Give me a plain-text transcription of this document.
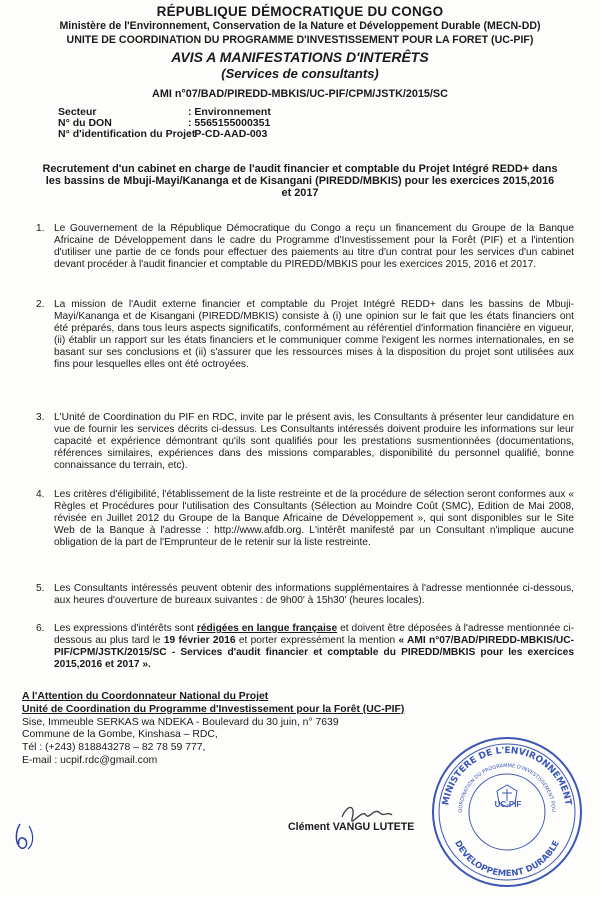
RÉPUBLIQUE DÉMOCRATIQUE DU CONGO
Ministère de l'Environnement, Conservation de la Nature et Développement Durable (MECN-DD)
UNITE DE COORDINATION DU PROGRAMME D'INVESTISSEMENT POUR LA FORET (UC-PIF)
AVIS A MANIFESTATIONS D'INTERÊTS
(Services de consultants)
AMI n°07/BAD/PIREDD-MBKIS/UC-PIF/CPM/JSTK/2015/SC
Secteur	: Environnement
N° du DON	: 5565155000351
N° d'identification du Projet
: P-CD-AAD-003
Recrutement d'un cabinet en charge de l'audit financier et comptable du Projet Intégré REDD+ dans les bassins de Mbuji-Mayi/Kananga et de Kisangani (PIREDD/MBKIS) pour les exercices 2015,2016 et 2017
1. Le Gouvernement de la République Démocratique du Congo a reçu un financement du Groupe de la Banque Africaine de Développement dans le cadre du Programme d'Investissement pour la Forêt (PIF) et a l'intention d'utiliser une partie de ce fonds pour effectuer des paiements au titre d'un contrat pour les services d'un cabinet devant procéder à l'audit financier et comptable du PIREDD/MBKIS pour les exercices 2015, 2016 et 2017.
2. La mission de l'Audit externe financier et comptable du Projet Intégré REDD+ dans les bassins de Mbuji-Mayi/Kananga et de Kisangani (PIREDD/MBKIS) consiste à (i) une opinion sur le fait que les états financiers ont été préparés, dans tous leurs aspects significatifs, conformément au référentiel d'information financière en vigueur, (ii) établir un rapport sur les états financiers et le communiquer comme l'exigent les normes internationales, en se basant sur ses conclusions et (ii) s'assurer que les ressources mises à la disposition du projet sont utilisées aux fins pour lesquelles elles ont été octroyées.
3. L'Unité de Coordination du PIF en RDC, invite par le présent avis, les Consultants à présenter leur candidature en vue de fournir les services décrits ci-dessus. Les Consultants intéressés doivent produire les informations sur leur capacité et expérience démontrant qu'ils sont qualifiés pour les prestations susmentionnées (documentations, références similaires, expériences dans des missions comparables, disponibilité du personnel qualifié, bonne connaissance du terrain, etc).
4. Les critères d'éligibilité, l'établissement de la liste restreinte et de la procédure de sélection seront conformes aux « Règles et Procédures pour l'utilisation des Consultants (Sélection au Moindre Coût (SMC), Edition de Mai 2008, révisée en Juillet 2012 du Groupe de la Banque Africaine de Développement », qui sont disponibles sur le Site Web de la Banque à l'adresse : http://www.afdb.org. L'intérêt manifesté par un Consultant n'implique aucune obligation de la part de l'Emprunteur de le retenir sur la liste restreinte.
5. Les Consultants intéressés peuvent obtenir des informations supplémentaires à l'adresse mentionnée ci-dessous, aux heures d'ouverture de bureaux suivantes : de 9h00' à 15h30' (heures locales).
6. Les expressions d'intérêts sont rédigées en langue française et doivent être déposées à l'adresse mentionnée ci-dessous au plus tard le 19 février 2016 et porter expressément la mention « AMI n°07/BAD/PIREDD-MBKIS/UC-PIF/CPM/JSTK/2015/SC - Services d'audit financier et comptable du PIREDD/MBKIS pour les exercices 2015,2016 et 2017 ».
A l'Attention du Coordonnateur National du Projet
Unité de Coordination du Programme d'Investissement pour la Forêt (UC-PIF)
Sise, Immeuble SERKAS wa NDEKA - Boulevard du 30 juin, n° 7639
Commune de la Gombe, Kinshasa – RDC,
Tél : (+243) 818843278 – 82 78 59 777,
E-mail : ucpif.rdc@gmail.com
Clément VANGU LUTETE
MINISTERE DE L'ENVIRONNEMENT
OORDINATION DU PROGRAMME D'INVESTISSEMENT POU
DEVELOPPEMENT DURABLE
UC-PIF
